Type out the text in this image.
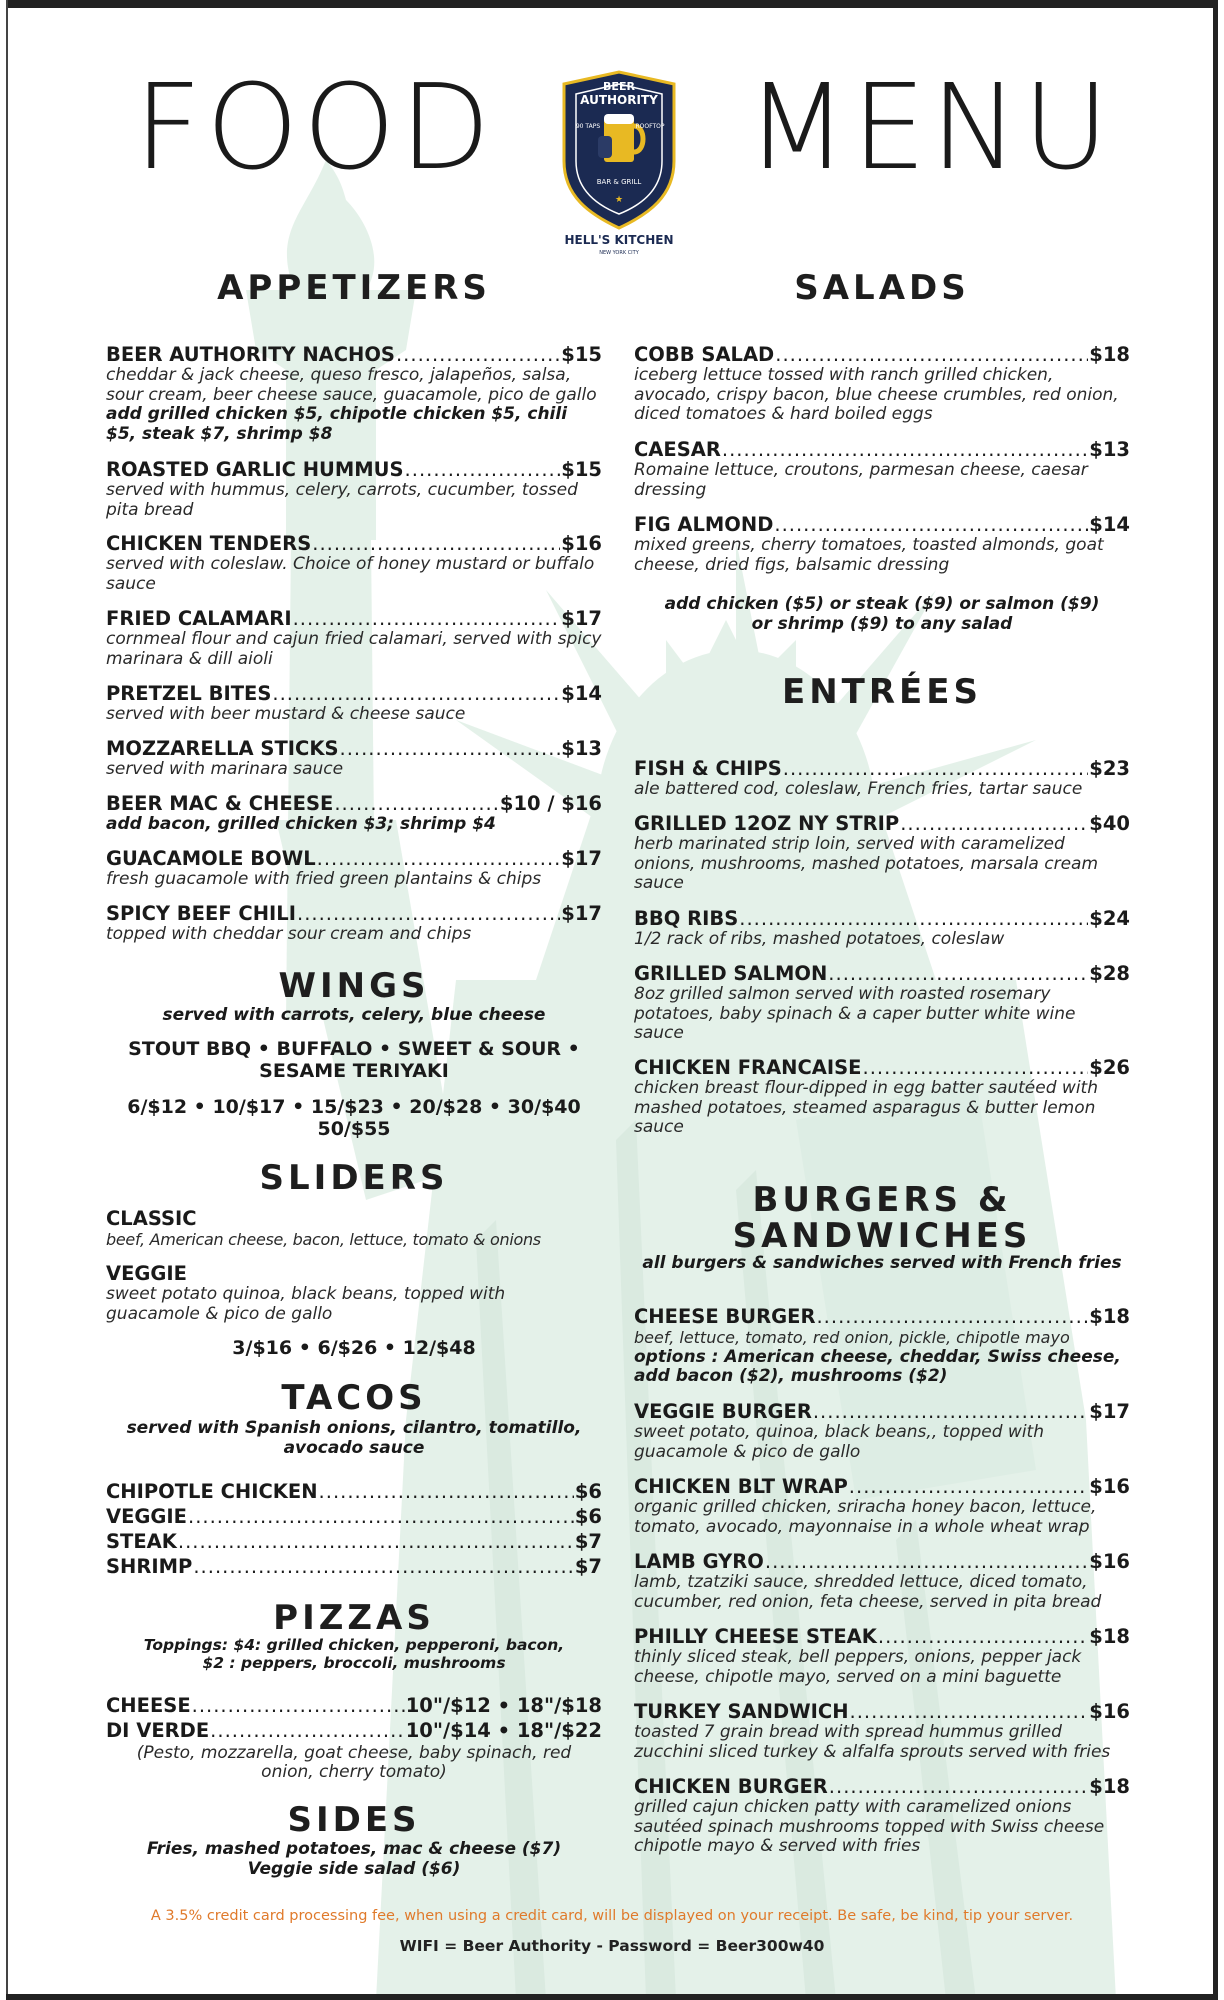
FOOD MENU
BEER
AUTHORITY
90 TAPS	ROOFTOP
BAR & GRILL
★
HELL'S KITCHEN
NEW YORK CITY
APPETIZERS
BEER AUTHORITY NACHOS .....	$15
cheddar & jack cheese, queso fresco, jalapeños, salsa, sour cream, beer cheese sauce, guacamole, pico de gallo
add grilled chicken $5, chipotle chicken $5, chili $5, steak $7, shrimp $8
ROASTED GARLIC HUMMUS .....	$15
served with hummus, celery, carrots, cucumber, tossed pita bread
CHICKEN TENDERS .....	$16
served with coleslaw. Choice of honey mustard or buffalo sauce
FRIED CALAMARI .....	$17
cornmeal flour and cajun fried calamari, served with spicy marinara & dill aioli
PRETZEL BITES .....	$14
served with beer mustard & cheese sauce
MOZZARELLA STICKS .....	$13
served with marinara sauce
BEER MAC & CHEESE .....	$10 / $16
add bacon, grilled chicken $3; shrimp $4
GUACAMOLE BOWL .....	$17
fresh guacamole with fried green plantains & chips
SPICY BEEF CHILI .....	$17
topped with cheddar sour cream and chips
WINGS
served with carrots, celery, blue cheese
STOUT BBQ • BUFFALO • SWEET & SOUR •
SESAME TERIYAKI
6/$12 • 10/$17 • 15/$23 • 20/$28 • 30/$40
50/$55
SLIDERS
CLASSIC
beef, American cheese, bacon, lettuce, tomato & onions
VEGGIE
sweet potato quinoa, black beans, topped with guacamole & pico de gallo
3/$16 • 6/$26 • 12/$48
TACOS
served with Spanish onions, cilantro, tomatillo,
avocado sauce
CHIPOTLE CHICKEN .....	$6
VEGGIE .....	$6
STEAK .....	$7
SHRIMP .....	$7
PIZZAS
Toppings: $4: grilled chicken, pepperoni, bacon,
$2 : peppers, broccoli, mushrooms
CHEESE .....	10"/$12 • 18"/$18
DI VERDE .....	10"/$14 • 18"/$22
(Pesto, mozzarella, goat cheese, baby spinach, red
onion, cherry tomato)
SIDES
Fries, mashed potatoes, mac & cheese ($7)
Veggie side salad ($6)
SALADS
COBB SALAD .....	$18
iceberg lettuce tossed with ranch grilled chicken, avocado, crispy bacon, blue cheese crumbles, red onion, diced tomatoes & hard boiled eggs
CAESAR .....	$13
Romaine lettuce, croutons, parmesan cheese, caesar dressing
FIG ALMOND .....	$14
mixed greens, cherry tomatoes, toasted almonds, goat cheese, dried figs, balsamic dressing
add chicken ($5) or steak ($9) or salmon ($9)
or shrimp ($9) to any salad
ENTRÉES
FISH & CHIPS .....	$23
ale battered cod, coleslaw, French fries, tartar sauce
GRILLED 12OZ NY STRIP .....	$40
herb marinated strip loin, served with caramelized onions, mushrooms, mashed potatoes, marsala cream sauce
BBQ RIBS .....	$24
1/2 rack of ribs, mashed potatoes, coleslaw
GRILLED SALMON .....	$28
8oz grilled salmon served with roasted rosemary potatoes, baby spinach & a caper butter white wine sauce
CHICKEN FRANCAISE .....	$26
chicken breast flour-dipped in egg batter sautéed with mashed potatoes, steamed asparagus & butter lemon sauce
BURGERS &
SANDWICHES
all burgers & sandwiches served with French fries
CHEESE BURGER .....	$18
beef, lettuce, tomato, red onion, pickle, chipotle mayo
options : American cheese, cheddar, Swiss cheese, add bacon ($2), mushrooms ($2)
VEGGIE BURGER .....	$17
sweet potato, quinoa, black beans,, topped with guacamole & pico de gallo
CHICKEN BLT WRAP .....	$16
organic grilled chicken, sriracha honey bacon, lettuce, tomato, avocado, mayonnaise in a whole wheat wrap
LAMB GYRO .....	$16
lamb, tzatziki sauce, shredded lettuce, diced tomato, cucumber, red onion, feta cheese, served in pita bread
PHILLY CHEESE STEAK .....	$18
thinly sliced steak, bell peppers, onions, pepper jack cheese, chipotle mayo, served on a mini baguette
TURKEY SANDWICH .....	$16
toasted 7 grain bread with spread hummus grilled zucchini sliced turkey & alfalfa sprouts served with fries
CHICKEN BURGER .....	$18
grilled cajun chicken patty with caramelized onions sautéed spinach mushrooms topped with Swiss cheese chipotle mayo & served with fries
A 3.5% credit card processing fee, when using a credit card, will be displayed on your receipt. Be safe, be kind, tip your server.
WIFI = Beer Authority - Password = Beer300w40
